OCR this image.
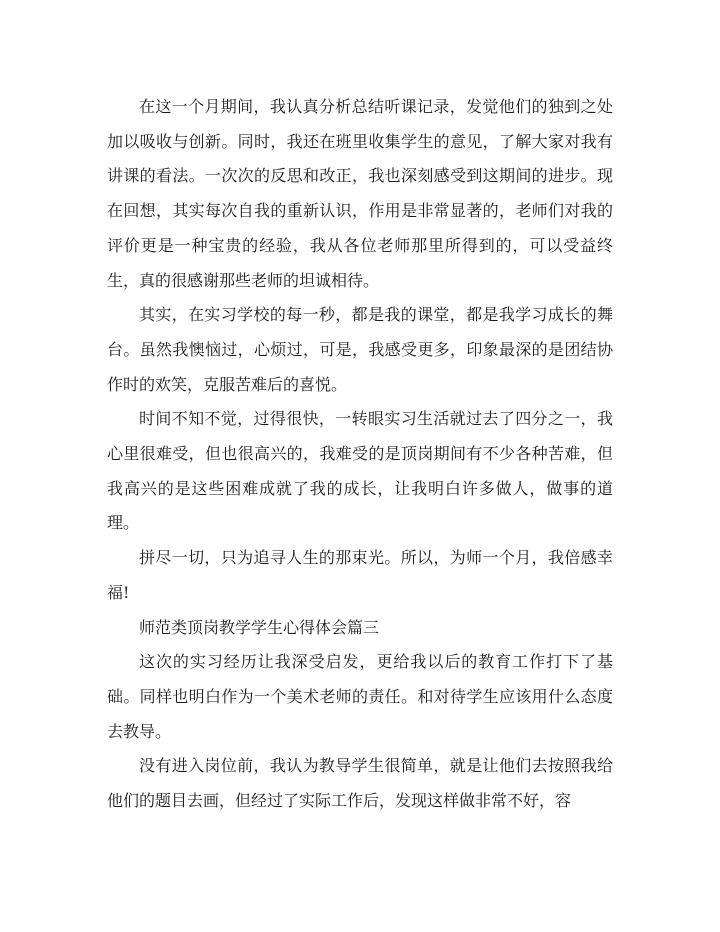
在这一个月期间，我认真分析总结听课记录，发觉他们的独到之处加以吸收与创新。同时，我还在班里收集学生的意见，了解大家对我有讲课的看法。一次次的反思和改正，我也深刻感受到这期间的进步。现在回想，其实每次自我的重新认识，作用是非常显著的，老师们对我的评价更是一种宝贵的经验，我从各位老师那里所得到的，可以受益终生，真的很感谢那些老师的坦诚相待。

其实，在实习学校的每一秒，都是我的课堂，都是我学习成长的舞台。虽然我懊恼过，心烦过，可是，我感受更多，印象最深的是团结协作时的欢笑，克服苦难后的喜悦。

时间不知不觉，过得很快，一转眼实习生活就过去了四分之一，我心里很难受，但也很高兴的，我难受的是顶岗期间有不少各种苦难，但我高兴的是这些困难成就了我的成长，让我明白许多做人，做事的道理。

拼尽一切，只为追寻人生的那束光。所以，为师一个月，我倍感幸福!

师范类顶岗教学学生心得体会篇三

这次的实习经历让我深受启发，更给我以后的教育工作打下了基础。同样也明白作为一个美术老师的责任。和对待学生应该用什么态度去教导。

没有进入岗位前，我认为教导学生很简单，就是让他们去按照我给他们的题目去画，但经过了实际工作后，发现这样做非常不好，容
